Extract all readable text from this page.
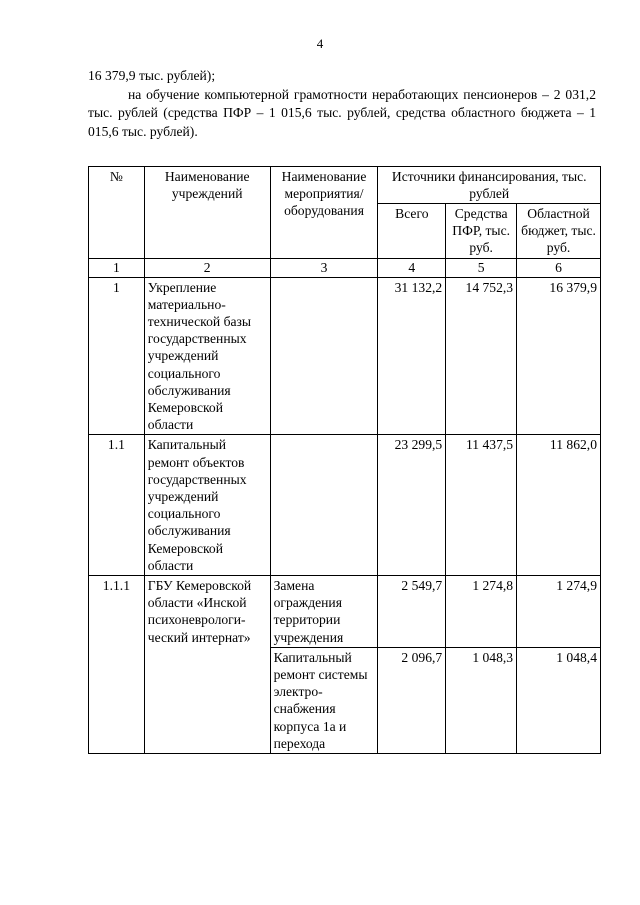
4

16 379,9 тыс. рублей);

на обучение компьютерной грамотности неработающих пенсионеров – 2 031,2 тыс. рублей (средства ПФР – 1 015,6 тыс. рублей, средства областного бюджета – 1 015,6 тыс. рублей).

№	Наименование учреждений	Наименование мероприятия/ оборудования	Источники финансирования, тыс. рублей		
			Всего	Средства ПФР, тыс. руб.	Областной бюджет, тыс. руб.
1	2	3	4	5	6
1	Укрепление материально-технической базы государственных учреждений социального обслуживания Кемеровской области		31 132,2	14 752,3	16 379,9
1.1	Капитальный ремонт объектов государственных учреждений социального обслуживания Кемеровской области		23 299,5	11 437,5	11 862,0
1.1.1	ГБУ Кемеровской области «Инской психоневрологи-ческий интернат»	Замена ограждения территории учреждения	2 549,7	1 274,8	1 274,9
		Капитальный ремонт системы электро-снабжения корпуса 1а и перехода	2 096,7	1 048,3	1 048,4
